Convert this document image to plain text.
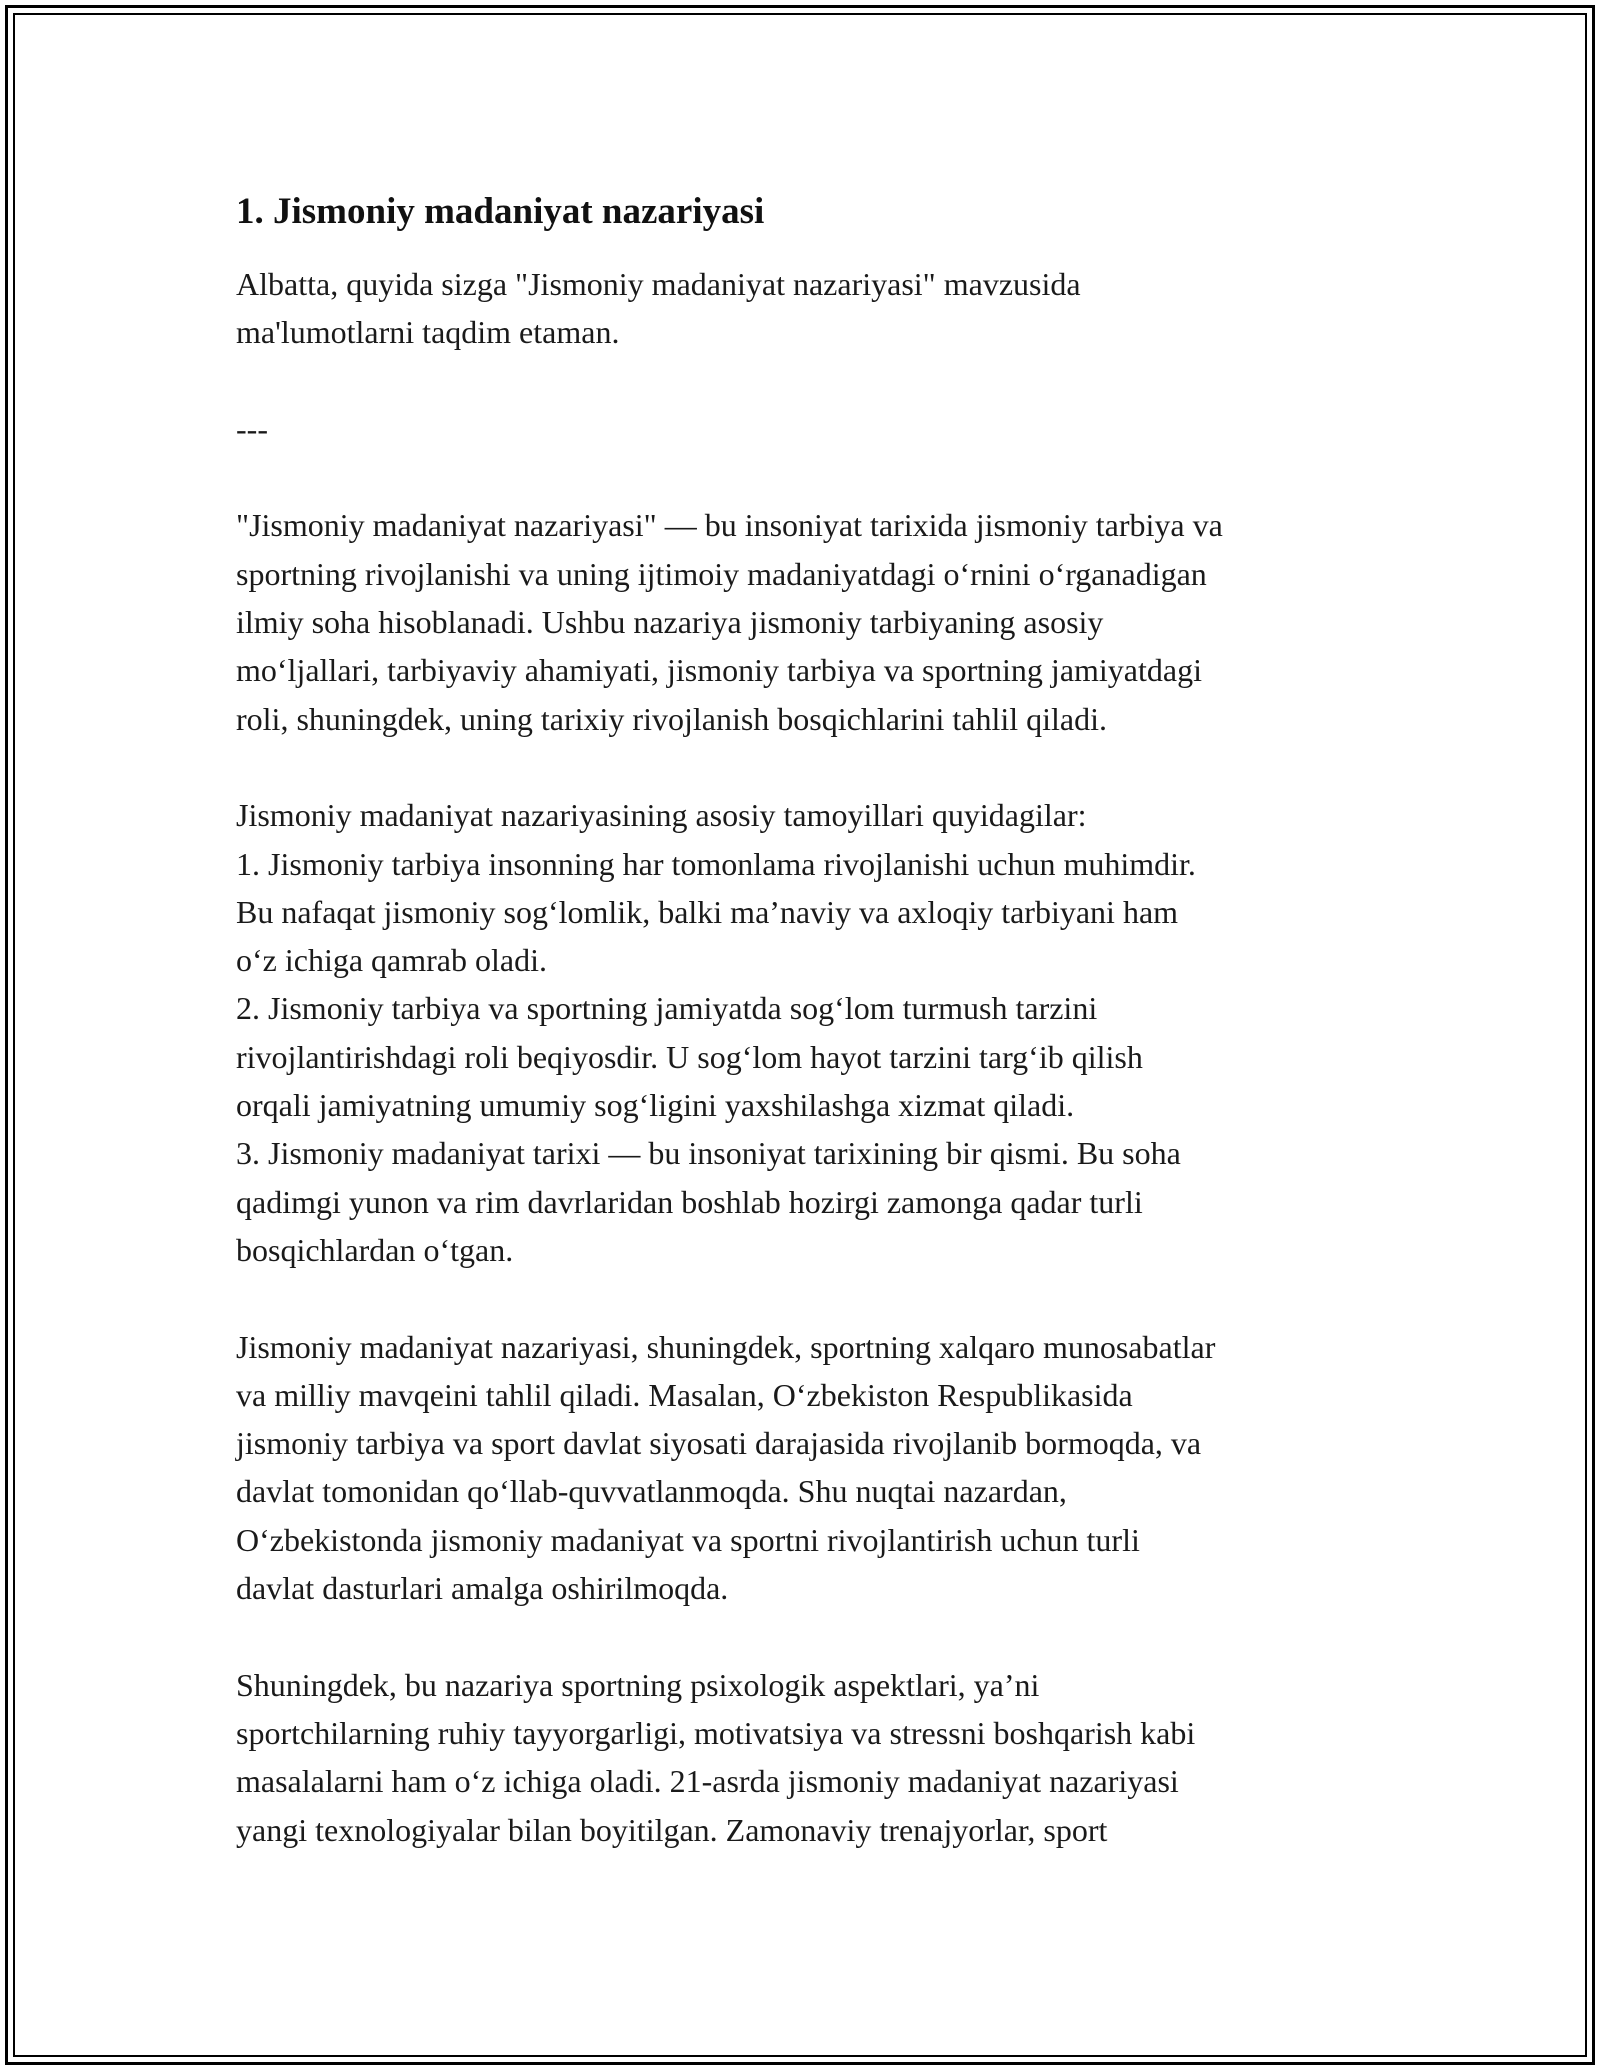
1. Jismoniy madaniyat nazariyasi
Albatta, quyida sizga "Jismoniy madaniyat nazariyasi" mavzusida
ma'lumotlarni taqdim etaman.
---
"Jismoniy madaniyat nazariyasi" — bu insoniyat tarixida jismoniy tarbiya va
sportning rivojlanishi va uning ijtimoiy madaniyatdagi oʻrnini oʻrganadigan
ilmiy soha hisoblanadi. Ushbu nazariya jismoniy tarbiyaning asosiy
moʻljallari, tarbiyaviy ahamiyati, jismoniy tarbiya va sportning jamiyatdagi
roli, shuningdek, uning tarixiy rivojlanish bosqichlarini tahlil qiladi.
Jismoniy madaniyat nazariyasining asosiy tamoyillari quyidagilar:
1. Jismoniy tarbiya insonning har tomonlama rivojlanishi uchun muhimdir.
Bu nafaqat jismoniy sogʻlomlik, balki ma’naviy va axloqiy tarbiyani ham
oʻz ichiga qamrab oladi.
2. Jismoniy tarbiya va sportning jamiyatda sogʻlom turmush tarzini
rivojlantirishdagi roli beqiyosdir. U sogʻlom hayot tarzini targʻib qilish
orqali jamiyatning umumiy sogʻligini yaxshilashga xizmat qiladi.
3. Jismoniy madaniyat tarixi — bu insoniyat tarixining bir qismi. Bu soha
qadimgi yunon va rim davrlaridan boshlab hozirgi zamonga qadar turli
bosqichlardan oʻtgan.
Jismoniy madaniyat nazariyasi, shuningdek, sportning xalqaro munosabatlar
va milliy mavqeini tahlil qiladi. Masalan, Oʻzbekiston Respublikasida
jismoniy tarbiya va sport davlat siyosati darajasida rivojlanib bormoqda, va
davlat tomonidan qoʻllab-quvvatlanmoqda. Shu nuqtai nazardan,
Oʻzbekistonda jismoniy madaniyat va sportni rivojlantirish uchun turli
davlat dasturlari amalga oshirilmoqda.
Shuningdek, bu nazariya sportning psixologik aspektlari, ya’ni
sportchilarning ruhiy tayyorgarligi, motivatsiya va stressni boshqarish kabi
masalalarni ham oʻz ichiga oladi. 21-asrda jismoniy madaniyat nazariyasi
yangi texnologiyalar bilan boyitilgan. Zamonaviy trenajyorlar, sport
